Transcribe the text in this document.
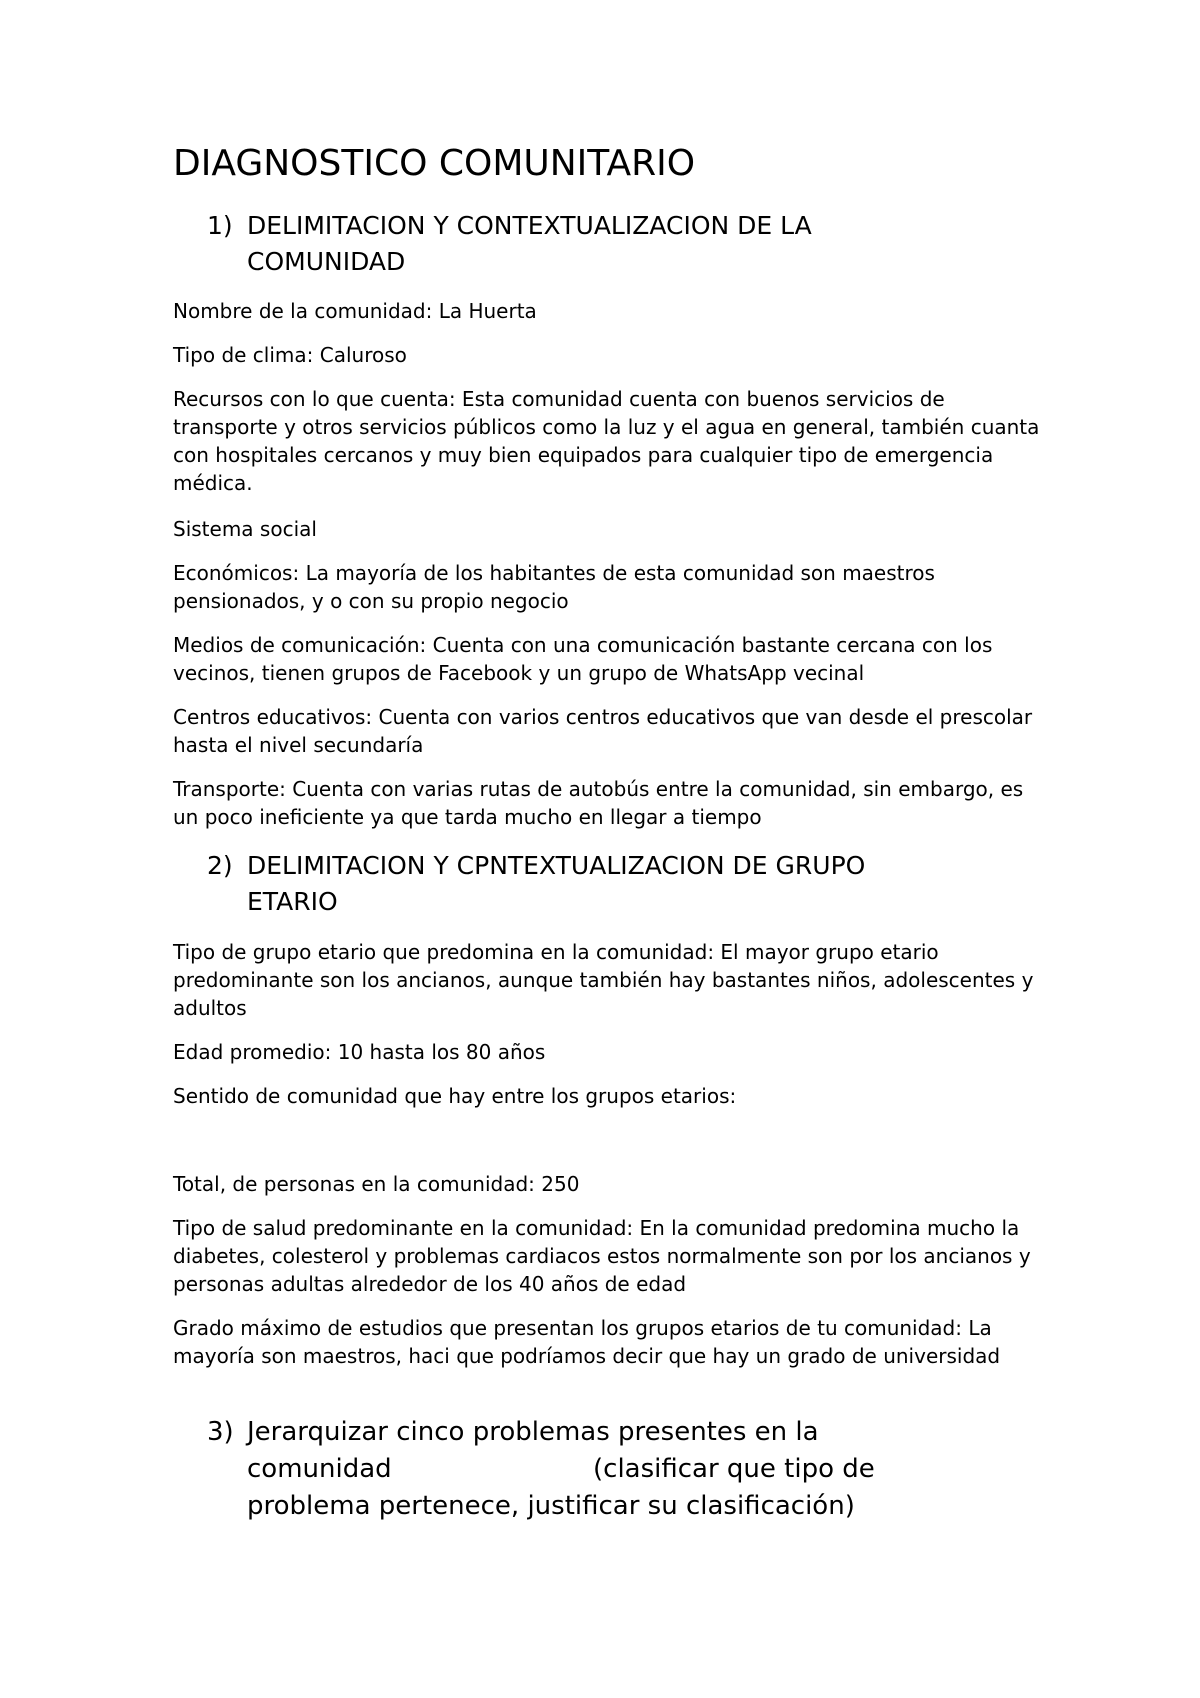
DIAGNOSTICO COMUNITARIO
1) DELIMITACION Y CONTEXTUALIZACION DE LA
COMUNIDAD

Nombre de la comunidad: La Huerta

Tipo de clima: Caluroso

Recursos con lo que cuenta: Esta comunidad cuenta con buenos servicios de transporte y otros servicios públicos como la luz y el agua en general, también cuanta con hospitales cercanos y muy bien equipados para cualquier tipo de emergencia médica.

Sistema social

Económicos: La mayoría de los habitantes de esta comunidad son maestros pensionados, y o con su propio negocio

Medios de comunicación: Cuenta con una comunicación bastante cercana con los vecinos, tienen grupos de Facebook y un grupo de WhatsApp vecinal

Centros educativos: Cuenta con varios centros educativos que van desde el prescolar hasta el nivel secundaría

Transporte: Cuenta con varias rutas de autobús entre la comunidad, sin embargo, es un poco ineficiente ya que tarda mucho en llegar a tiempo

2) DELIMITACION Y CPNTEXTUALIZACION DE GRUPO
ETARIO

Tipo de grupo etario que predomina en la comunidad: El mayor grupo etario predominante son los ancianos, aunque también hay bastantes niños, adolescentes y adultos

Edad promedio: 10 hasta los 80 años

Sentido de comunidad que hay entre los grupos etarios:

Total, de personas en la comunidad: 250

Tipo de salud predominante en la comunidad: En la comunidad predomina mucho la diabetes, colesterol y problemas cardiacos estos normalmente son por los ancianos y personas adultas alrededor de los 40 años de edad

Grado máximo de estudios que presentan los grupos etarios de tu comunidad: La mayoría son maestros, haci que podríamos decir que hay un grado de universidad

3) Jerarquizar cinco problemas presentes en la
comunidad	(clasificar que tipo de
problema pertenece, justificar su clasificación)
